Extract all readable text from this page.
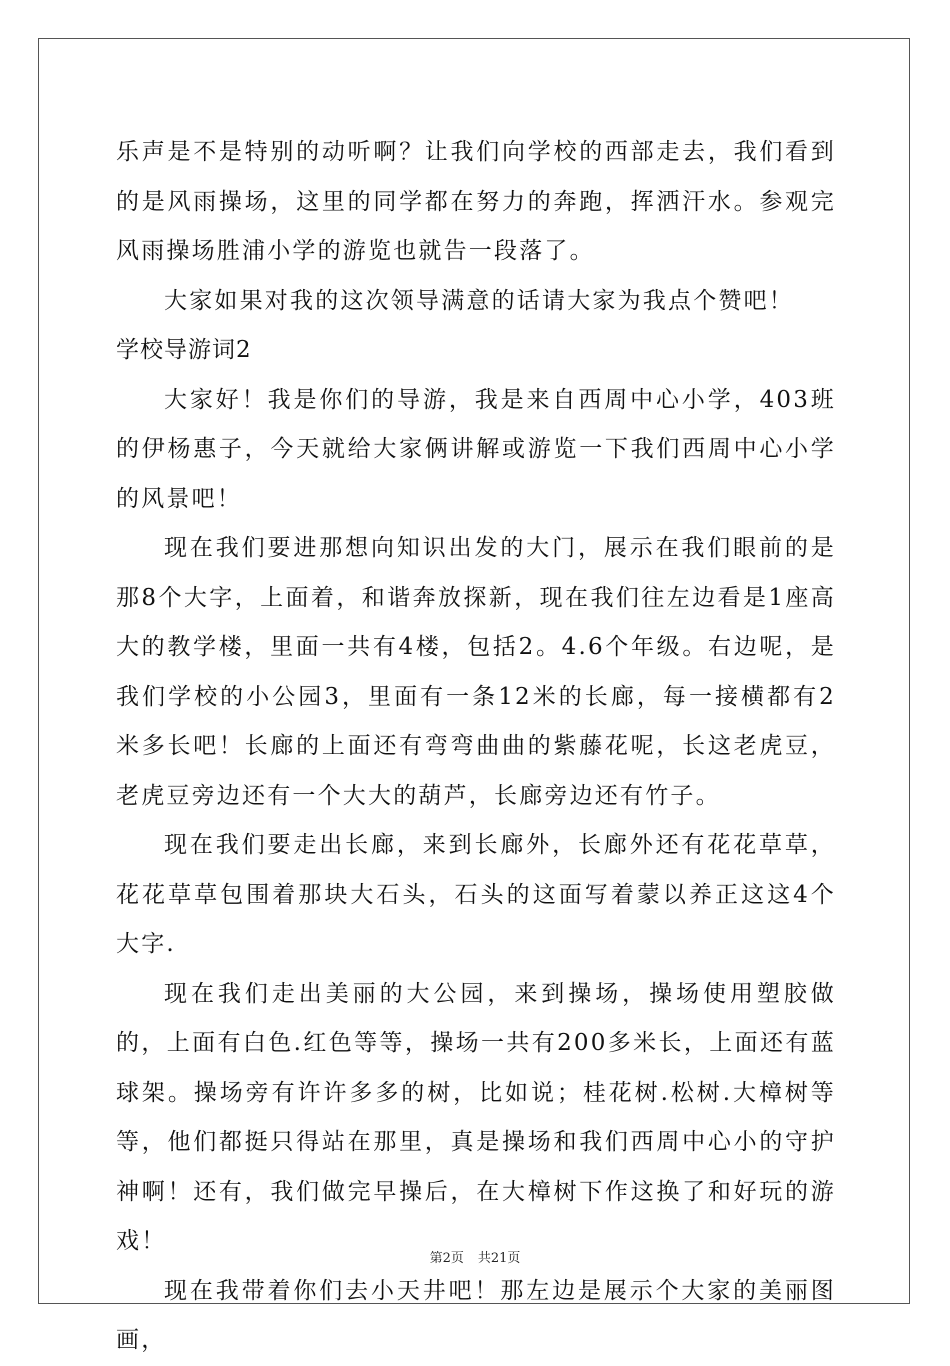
乐声是不是特别的动听啊？让我们向学校的西部走去，我们看到的是风雨操场，这里的同学都在努力的奔跑，挥洒汗水。参观完风雨操场胜浦小学的游览也就告一段落了。

大家如果对我的这次领导满意的话请大家为我点个赞吧！

学校导游词2

大家好！我是你们的导游，我是来自西周中心小学，403班的伊杨惠子，今天就给大家俩讲解或游览一下我们西周中心小学的风景吧！

现在我们要进那想向知识出发的大门，展示在我们眼前的是那8个大字，上面着，和谐奔放探新，现在我们往左边看是1座高大的教学楼，里面一共有4楼，包括2。4.6个年级。右边呢，是我们学校的小公园3，里面有一条12米的长廊，每一接横都有2米多长吧！长廊的上面还有弯弯曲曲的紫藤花呢，长这老虎豆，老虎豆旁边还有一个大大的葫芦，长廊旁边还有竹子。

现在我们要走出长廊，来到长廊外，长廊外还有花花草草，花花草草包围着那块大石头，石头的这面写着蒙以养正这这4个大字.

现在我们走出美丽的大公园，来到操场，操场使用塑胶做的，上面有白色.红色等等，操场一共有200多米长，上面还有蓝球架。操场旁有许许多多的树，比如说；桂花树.松树.大樟树等等，他们都挺只得站在那里，真是操场和我们西周中心小的守护神啊！还有，我们做完早操后，在大樟树下作这换了和好玩的游戏！

现在我带着你们去小天井吧！那左边是展示个大家的美丽图画，

第2页 共21页
